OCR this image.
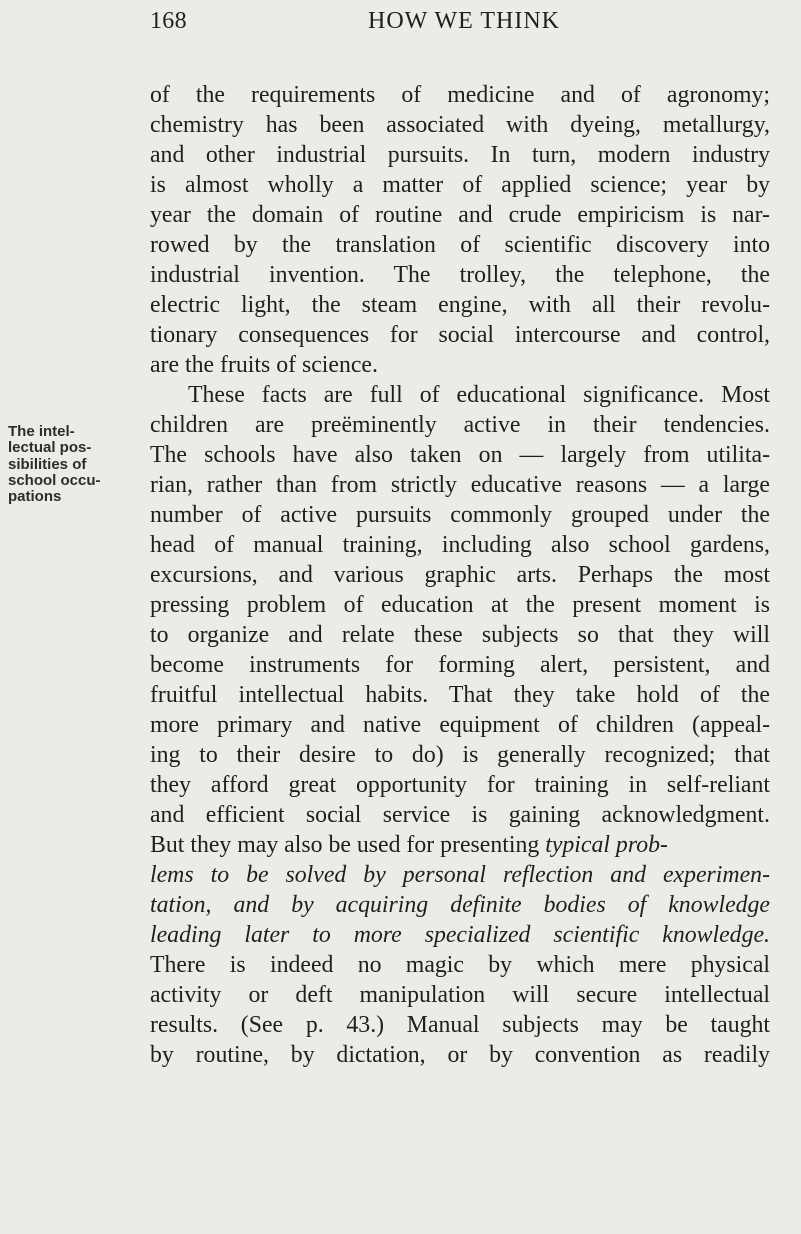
168	HOW WE THINK
The intel-
lectual pos-
sibilities of
school occu-
pations
of the requirements of medicine and of agronomy;
chemistry has been associated with dyeing, metallurgy,
and other industrial pursuits. In turn, modern industry
is almost wholly a matter of applied science; year by
year the domain of routine and crude empiricism is nar-
rowed by the translation of scientific discovery into
industrial invention. The trolley, the telephone, the
electric light, the steam engine, with all their revolu-
tionary consequences for social intercourse and control,
are the fruits of science.
These facts are full of educational significance. Most
children are preëminently active in their tendencies.
The schools have also taken on — largely from utilita-
rian, rather than from strictly educative reasons — a large
number of active pursuits commonly grouped under the
head of manual training, including also school gardens,
excursions, and various graphic arts. Perhaps the most
pressing problem of education at the present moment is
to organize and relate these subjects so that they will
become instruments for forming alert, persistent, and
fruitful intellectual habits. That they take hold of the
more primary and native equipment of children (appeal-
ing to their desire to do) is generally recognized; that
they afford great opportunity for training in self-reliant
and efficient social service is gaining acknowledgment.
But they may also be used for presenting typical prob-
lems to be solved by personal reflection and experimen-
tation, and by acquiring definite bodies of knowledge
leading later to more specialized scientific knowledge.
There is indeed no magic by which mere physical
activity or deft manipulation will secure intellectual
results. (See p. 43.) Manual subjects may be taught
by routine, by dictation, or by convention as readily
